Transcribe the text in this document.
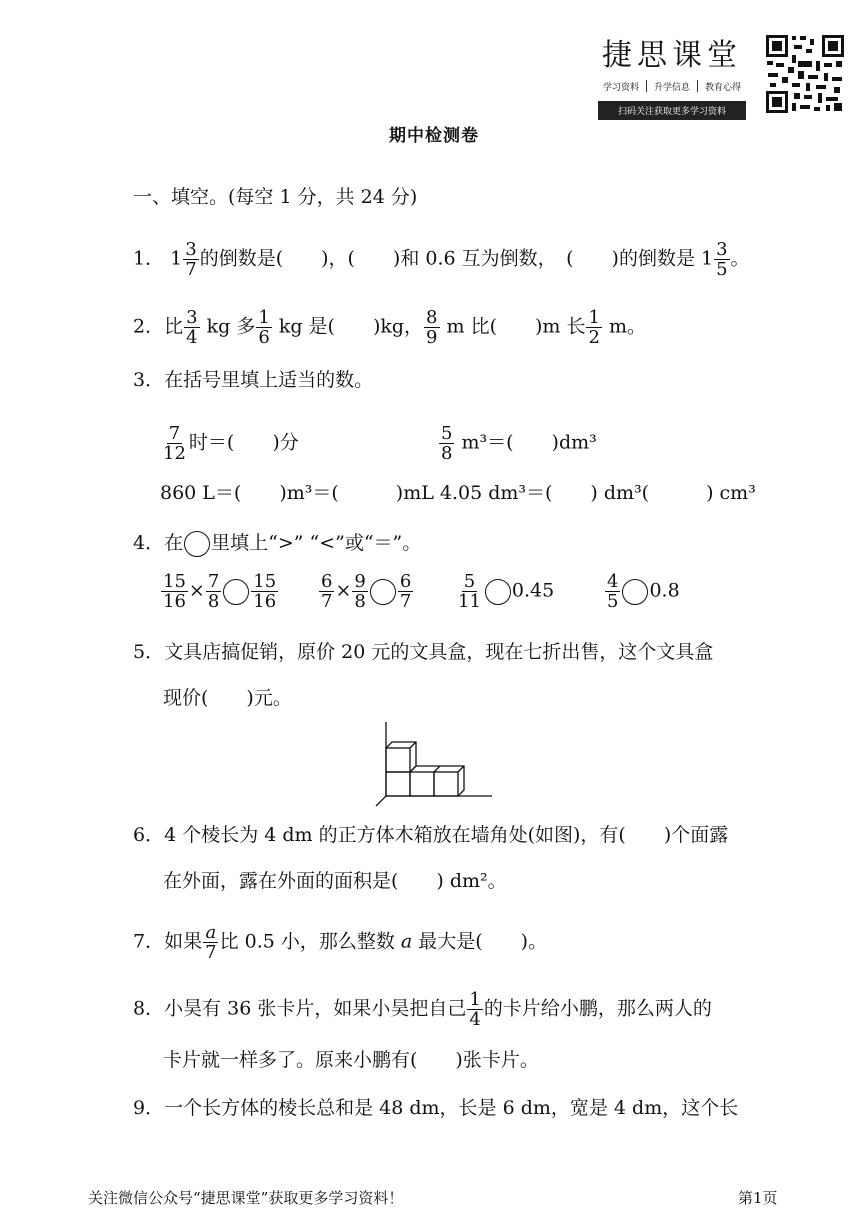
捷思课堂
学习资料	升学信息	教育心得
扫码关注获取更多学习资料
期中检测卷
一、填空。(每空 1 分，共 24 分)
1． $1 \frac{3}{7}$ 的倒数是(　　)，(　　)和 0.6 互为倒数，　(　　)的倒数是 $1 \frac{3}{5}$ 。
2．比 $\frac{3}{4}$ kg 多 $\frac{1}{6}$ kg 是(　　)kg， $\frac{8}{9}$ m 比(　　)m 长 $\frac{1}{2}$ m。
3．在括号里填上适当的数。
$\frac{7}{12}$ 时＝(　　)分	$\frac{5}{8} m^3=$(　　)dm³
860 L＝(　　)m³＝(　　　)mL 4.05 dm³＝(　　) dm³(　　　) cm³
4．在 里填上“>” “<”或“＝”。
$\frac{15}{16} \times \frac{7}{8} \frac{15}{16} \frac{6}{7} \times \frac{9}{8} \frac{6}{7} \frac{5}{11} 0.45$	$\frac{4}{5} 0.8$
5．文具店搞促销，原价 20 元的文具盒，现在七折出售，这个文具盒
现价(　　)元。
6．4 个棱长为 4 dm 的正方体木箱放在墙角处(如图)，有(　　)个面露
在外面，露在外面的面积是(　　) dm²。
7．如果 $\frac{a}{7}$ 比 0.5 小，那么整数 a 最大是(　　)。
8．小昊有 36 张卡片，如果小昊把自己 $\frac{1}{4}$ 的卡片给小鹏，那么两人的
卡片就一样多了。原来小鹏有(　　)张卡片。
9．一个长方体的棱长总和是 48 dm，长是 6 dm，宽是 4 dm，这个长
关注微信公众号“捷思课堂”获取更多学习资料！	第1页
